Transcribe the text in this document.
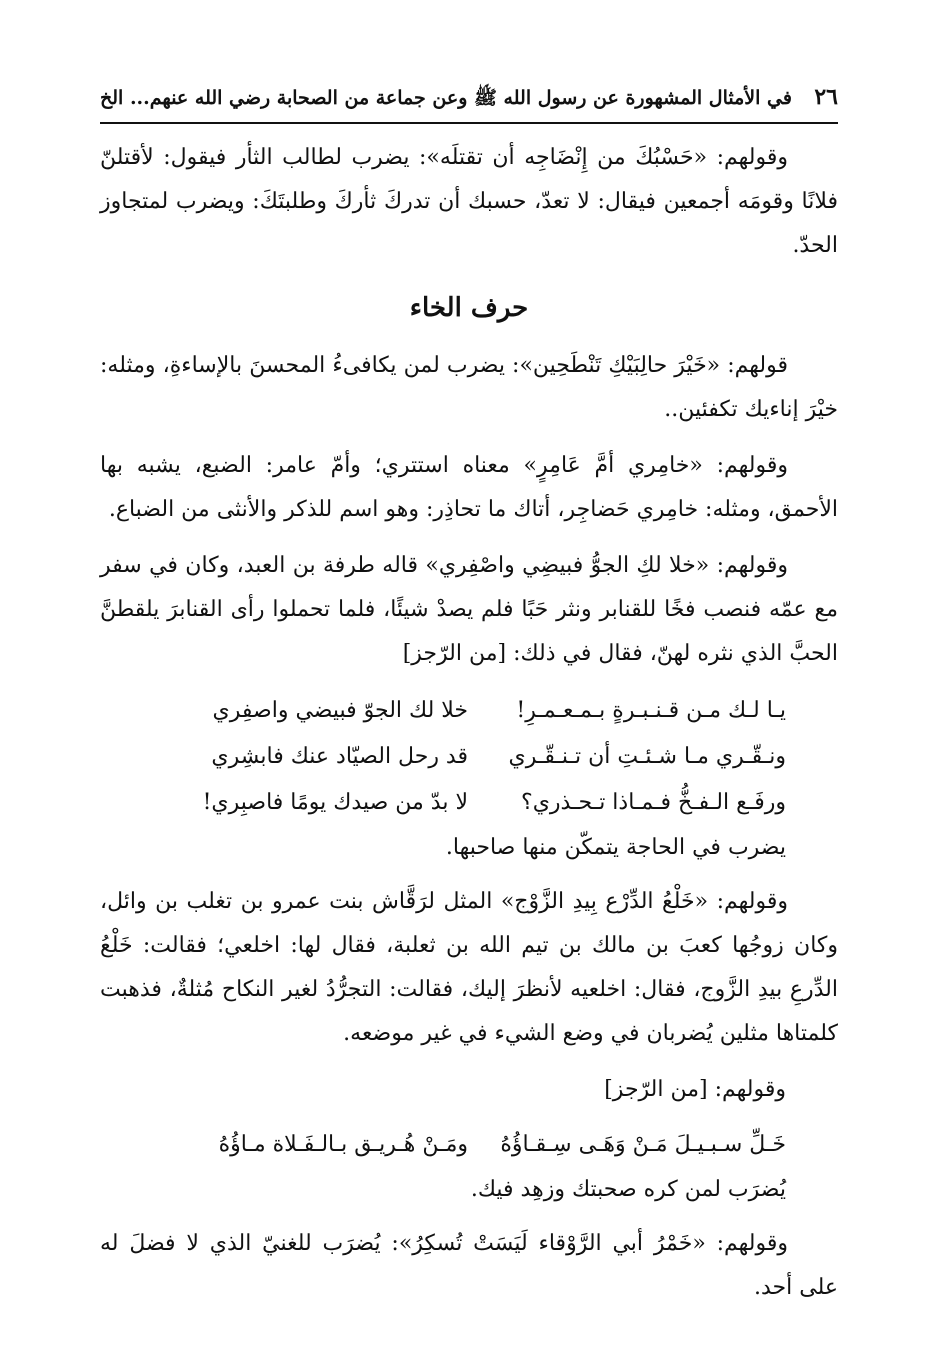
٢٦
في الأمثال المشهورة عن رسول الله ﷺ وعن جماعة من الصحابة رضي الله عنهم... الخ

وقولهم: «حَسْبُكَ من إِنْضَاجِه أن تقتلَه»: يضرب لطالب الثأر فيقول: لأقتلنّ فلانًا وقومَه أجمعين فيقال: لا تعدّ، حسبك أن تدركَ ثأركَ وطلبتَكَ: ويضرب لمتجاوز الحدّ.

حرف الخاء

قولهم: «خَيْرَ حالِبَيْكِ تَنْطَحِين»: يضرب لمن يكافىءُ المحسنَ بالإساءةِ، ومثله: خيْرَ إناءيك تكفئين..

وقولهم: «خامِري أمَّ عَامِرٍ» معناه استتري؛ وأمّ عامر: الضبع، يشبه بها الأحمق، ومثله: خامِري حَضاجِر، أتاك ما تحاذِر: وهو اسم للذكر والأنثى من الضباع.

وقولهم: «خلا لكِ الجوُّ فبيضِي واصْفِري» قاله طرفة بن العبد، وكان في سفر مع عمّه فنصب فخًا للقنابر ونثر حَبًا فلم يصدْ شيئًا، فلما تحملوا رأى القنابرَ يلقطنَّ الحبَّ الذي نثره لهنّ، فقال في ذلك: [من الرّجز]

يـا لـك مـن قـنـبـرةٍ بـمـعـمـرِ!
خلا لك الجوّ فبيضي واصفِري
ونـقّـري مـا شـئـتِ أن تـنـقّـري
قد رحل الصيّاد عنك فابشِري
ورفَـع الـفـخُّ فـمـاذا تـحـذري؟
لا بدّ من صيدك يومًا فاصبِري!

يضرب في الحاجة يتمكّن منها صاحبها.

وقولهم: «خَلْعُ الدِّرْع بِيدِ الزَّوْج» المثل لرَقَّاش بنت عمرو بن تغلب بن وائل، وكان زوجُها كعبَ بن مالك بن تيم الله بن ثعلبة، فقال لها: اخلعي؛ فقالت: خَلْعُ الدِّرعِ بيدِ الزَّوج، فقال: اخلعيه لأنظرَ إليك، فقالت: التجرُّدُ لغير النكاح مُثلةٌ، فذهبت كلمتاها مثلين يُضربان في وضع الشيء في غير موضعه.

وقولهم: [من الرّجز]

خَـلِّ سـبـيـلَ مَـنْ وَهَـى سِـقـاؤُهُ
ومَـنْ هُـريـق بـالـفَـلاة مـاؤُهُ

يُضرَب لمن كره صحبتك وزهِد فيك.

وقولهم: «خَمْرُ أبي الرَّوْقاء لَيَسَتْ تُسكِرُ»: يُضرَب للغنيّ الذي لا فضلَ له على أحد.
